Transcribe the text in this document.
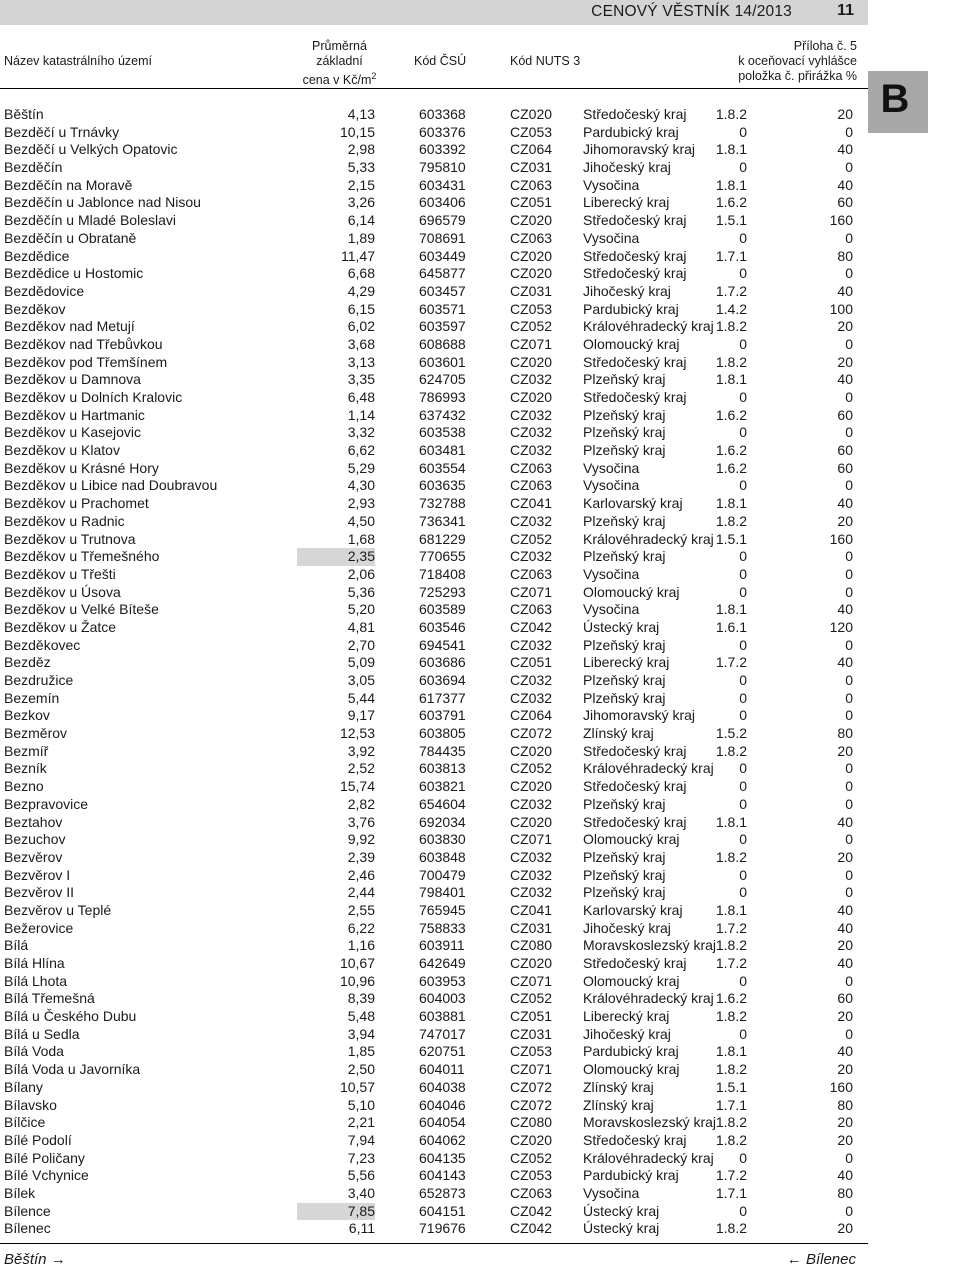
CENOVÝ VĚSTNÍK 14/2013	11
Název katastrálního území
Průměrná
základní
cena v $Kč/m^2$
Kód ČSÚ	Kód NUTS 3
Příloha č. 5
k oceňovací vyhlášce
položka č. přirážka %
B
Běštín	4,13	603368	CZ020 Středočeský kraj 1.8.2	20
Bezděčí u Trnávky	10,15	603376	CZ053 Pardubický kraj	0	0
Bezděčí u Velkých Opatovic	2,98	603392	CZ064 Jihomoravský kraj 1.8.1	40
Bezděčín	5,33	795810	CZ031 Jihočeský kraj	0	0
Bezděčín na Moravě	2,15	603431	CZ063 Vysočina	1.8.1	40
Bezděčín u Jablonce nad Nisou	3,26	603406	CZ051 Liberecký kraj	1.6.2	60
Bezděčín u Mladé Boleslavi	6,14	696579	CZ020 Středočeský kraj 1.5.1	160
Bezděčín u Obrataně	1,89	708691	CZ063 Vysočina	0	0
Bezdědice	11,47	603449	CZ020 Středočeský kraj 1.7.1	80
Bezdědice u Hostomic	6,68	645877	CZ020 Středočeský kraj	0	0
Bezdědovice	4,29	603457	CZ031 Jihočeský kraj	1.7.2	40
Bezděkov	6,15	603571	CZ053 Pardubický kraj	1.4.2	100
Bezděkov nad Metují	6,02	603597	CZ052 Královéhradecký kraj 1.8.2	20
Bezděkov nad Třebůvkou	3,68	608688	CZ071 Olomoucký kraj	0	0
Bezděkov pod Třemšínem	3,13	603601	CZ020 Středočeský kraj 1.8.2	20
Bezděkov u Damnova	3,35	624705	CZ032 Plzeňský kraj	1.8.1	40
Bezděkov u Dolních Kralovic	6,48	786993	CZ020 Středočeský kraj	0	0
Bezděkov u Hartmanic	1,14	637432	CZ032 Plzeňský kraj	1.6.2	60
Bezděkov u Kasejovic	3,32	603538	CZ032 Plzeňský kraj	0	0
Bezděkov u Klatov	6,62	603481	CZ032 Plzeňský kraj	1.6.2	60
Bezděkov u Krásné Hory	5,29	603554	CZ063 Vysočina	1.6.2	60
Bezděkov u Libice nad Doubravou	4,30	603635	CZ063 Vysočina	0	0
Bezděkov u Prachomet	2,93	732788	CZ041 Karlovarský kraj 1.8.1	40
Bezděkov u Radnic	4,50	736341	CZ032 Plzeňský kraj	1.8.2	20
Bezděkov u Trutnova	1,68	681229	CZ052 Královéhradecký kraj 1.5.1	160
Bezděkov u Třemešného	2,35	770655	CZ032 Plzeňský kraj	0	0
Bezděkov u Třešti	2,06	718408	CZ063 Vysočina	0	0
Bezděkov u Úsova	5,36	725293	CZ071 Olomoucký kraj	0	0
Bezděkov u Velké Bíteše	5,20	603589	CZ063 Vysočina	1.8.1	40
Bezděkov u Žatce	4,81	603546	CZ042 Ústecký kraj	1.6.1	120
Bezděkovec	2,70	694541	CZ032 Plzeňský kraj	0	0
Bezděz	5,09	603686	CZ051 Liberecký kraj	1.7.2	40
Bezdružice	3,05	603694	CZ032 Plzeňský kraj	0	0
Bezemín	5,44	617377	CZ032 Plzeňský kraj	0	0
Bezkov	9,17	603791	CZ064 Jihomoravský kraj	0	0
Bezměrov	12,53	603805	CZ072 Zlínský kraj	1.5.2	80
Bezmíř	3,92	784435	CZ020 Středočeský kraj 1.8.2	20
Bezník	2,52	603813	CZ052 Královéhradecký kraj 0	0
Bezno	15,74	603821	CZ020 Středočeský kraj	0	0
Bezpravovice	2,82	654604	CZ032 Plzeňský kraj	0	0
Beztahov	3,76	692034	CZ020 Středočeský kraj 1.8.1	40
Bezuchov	9,92	603830	CZ071 Olomoucký kraj	0	0
Bezvěrov	2,39	603848	CZ032 Plzeňský kraj	1.8.2	20
Bezvěrov I	2,46	700479	CZ032 Plzeňský kraj	0	0
Bezvěrov II	2,44	798401	CZ032 Plzeňský kraj	0	0
Bezvěrov u Teplé	2,55	765945	CZ041 Karlovarský kraj 1.8.1	40
Bežerovice	6,22	758833	CZ031 Jihočeský kraj	1.7.2	40
Bílá	1,16	603911	CZ080 Moravskoslezský kraj 1.8.2	20
Bílá Hlína	10,67	642649	CZ020 Středočeský kraj 1.7.2	40
Bílá Lhota	10,96	603953	CZ071 Olomoucký kraj	0	0
Bílá Třemešná	8,39	604003	CZ052 Královéhradecký kraj 1.6.2	60
Bílá u Českého Dubu	5,48	603881	CZ051 Liberecký kraj	1.8.2	20
Bílá u Sedla	3,94	747017	CZ031 Jihočeský kraj	0	0
Bílá Voda	1,85	620751	CZ053 Pardubický kraj	1.8.1	40
Bílá Voda u Javorníka	2,50	604011	CZ071 Olomoucký kraj	1.8.2	20
Bílany	10,57	604038	CZ072 Zlínský kraj	1.5.1	160
Bílavsko	5,10	604046	CZ072 Zlínský kraj	1.7.1	80
Bílčice	2,21	604054	CZ080 Moravskoslezský kraj 1.8.2	20
Bílé Podolí	7,94	604062	CZ020 Středočeský kraj 1.8.2	20
Bílé Poličany	7,23	604135	CZ052 Královéhradecký kraj 0	0
Bílé Vchynice	5,56	604143	CZ053 Pardubický kraj	1.7.2	40
Bílek	3,40	652873	CZ063 Vysočina	1.7.1	80
Bílence	7,85	604151	CZ042 Ústecký kraj	0	0
Bílenec	6,11	719676	CZ042 Ústecký kraj	1.8.2	20
Běštín →	← Bílenec
